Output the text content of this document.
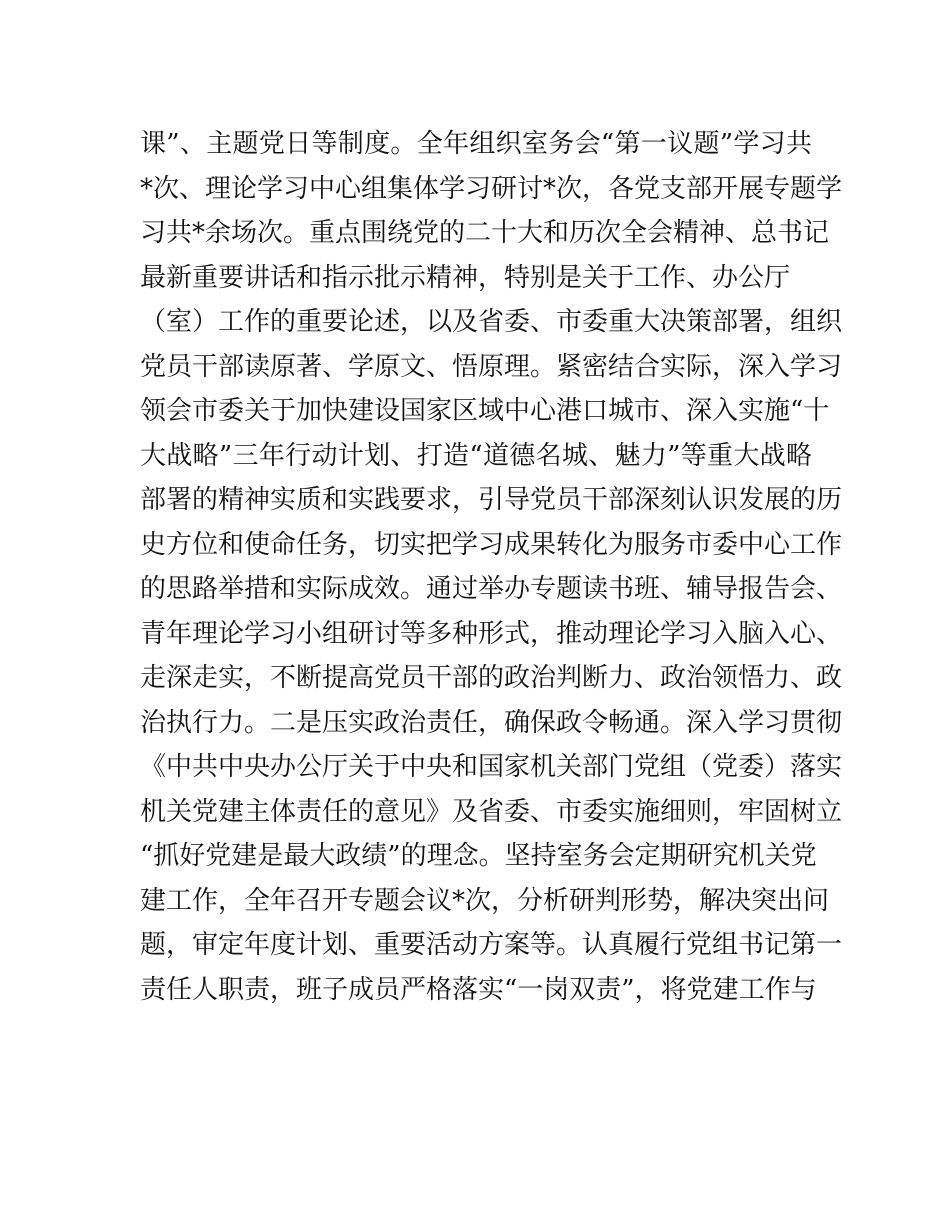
课”、主题党日等制度。全年组织室务会“第一议题”学习共
*次、理论学习中心组集体学习研讨*次，各党支部开展专题学
习共*余场次。重点围绕党的二十大和历次全会精神、总书记
最新重要讲话和指示批示精神，特别是关于工作、办公厅
（室）工作的重要论述，以及省委、市委重大决策部署，组织
党员干部读原著、学原文、悟原理。紧密结合实际，深入学习
领会市委关于加快建设国家区域中心港口城市、深入实施“十
大战略”三年行动计划、打造“道德名城、魅力”等重大战略
部署的精神实质和实践要求，引导党员干部深刻认识发展的历
史方位和使命任务，切实把学习成果转化为服务市委中心工作
的思路举措和实际成效。通过举办专题读书班、辅导报告会、
青年理论学习小组研讨等多种形式，推动理论学习入脑入心、
走深走实，不断提高党员干部的政治判断力、政治领悟力、政
治执行力。二是压实政治责任，确保政令畅通。深入学习贯彻
《中共中央办公厅关于中央和国家机关部门党组（党委）落实
机关党建主体责任的意见》及省委、市委实施细则，牢固树立
“抓好党建是最大政绩”的理念。坚持室务会定期研究机关党
建工作，全年召开专题会议*次，分析研判形势，解决突出问
题，审定年度计划、重要活动方案等。认真履行党组书记第一
责任人职责，班子成员严格落实“一岗双责”，将党建工作与
